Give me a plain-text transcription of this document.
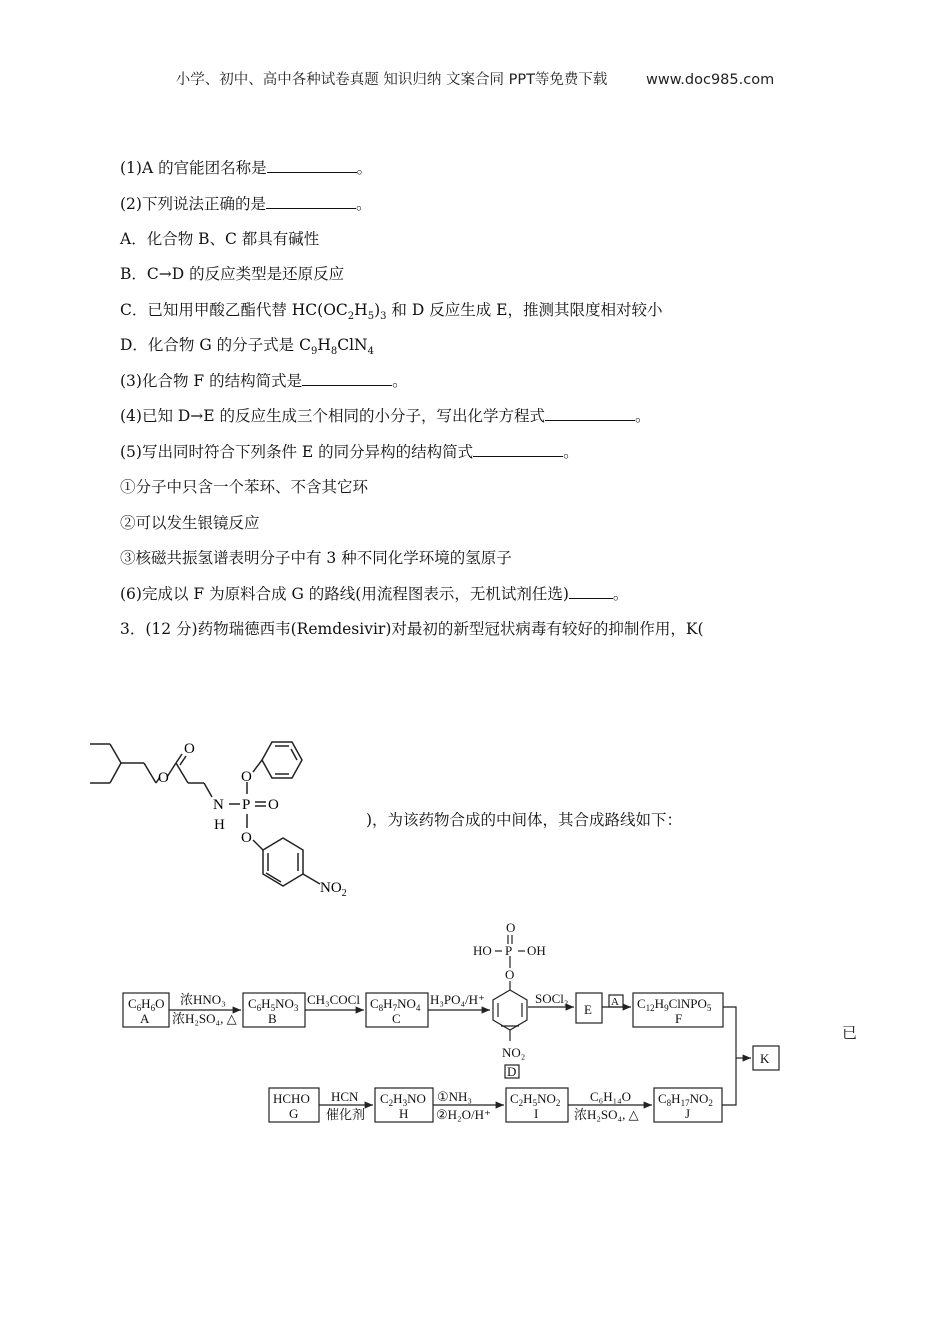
小学、初中、高中各种试卷真题 知识归纳 文案合同 PPT等免费下载	www.doc985.com
(1)A 的官能团名称是	。
(2)下列说法正确的是	。
A．化合物 B、C 都具有碱性
B．C→D 的反应类型是还原反应
C．已知用甲酸乙酯代替 $HC(OC_2H_5)_3$ 和 D 反应生成 E，推测其限度相对较小
D．化合物 G 的分子式是 $C_9H_8ClN_4$
(3)化合物 F 的结构简式是	。
(4)已知 D→E 的反应生成三个相同的小分子，写出化学方程式	。
(5)写出同时符合下列条件 E 的同分异构的结构简式	。
①分子中只含一个苯环、不含其它环
②可以发生银镜反应
③核磁共振氢谱表明分子中有 3 种不同化学环境的氢原子
(6)完成以 F 为原料合成 G 的路线(用流程图表示，无机试剂任选)	。
3．(12 分)药物瑞德西韦(Remdesivir)对最初的新型冠状病毒有较好的抑制作用，K(
O
O
N
H
P O
O
O
$NO_2$
)，为该药物合成的中间体，其合成路线如下：
$C_6H_6O$
A
浓HNO₃
浓H₂SO₄, △
$C_6H_5NO_3$
B
CH₃COCl $C_8H_7NO_4$
C
H₃PO₄/H⁺
O
HO P OH
O
NO₂
D
SOCl₂
E A $C_{12}H_9ClNPO_5$
F
K
HCHO
G
HCN
催化剂
$C_2H_3NO$
H
①NH₃
②H₂O/H⁺
$C_2H_5NO_2$
I
C₆H₁₄O
浓H₂SO₄, △
$C_8H_{17}NO_2$
J
已
